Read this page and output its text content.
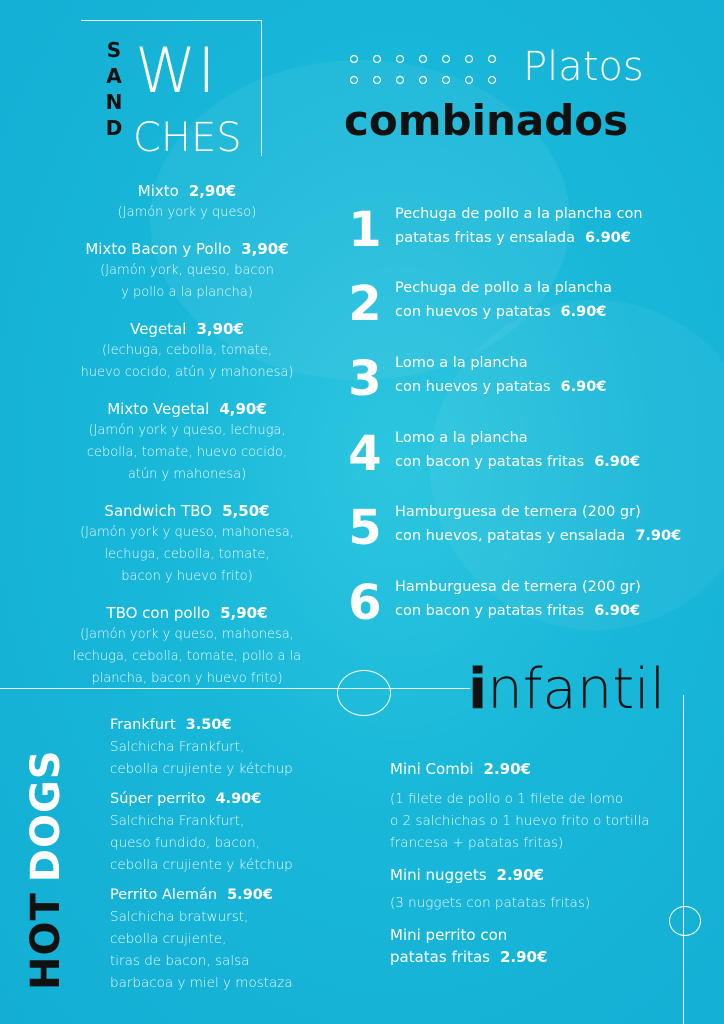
S
A
N
D
WI
CHES
Platos
combinados
Mixto 2,90€
(Jamón york y queso)
Mixto Bacon y Pollo 3,90€
(Jamón york, queso, bacon
y pollo a la plancha)
Vegetal 3,90€
(lechuga, cebolla, tomate,
huevo cocido, atún y mahonesa)
Mixto Vegetal 4,90€
(Jamón york y queso, lechuga,
cebolla, tomate, huevo cocido,
atún y mahonesa)
Sandwich TBO 5,50€
(Jamón york y queso, mahonesa,
lechuga, cebolla, tomate,
bacon y huevo frito)
TBO con pollo 5,90€
(Jamón york y queso, mahonesa,
lechuga, cebolla, tomate, pollo a la
plancha, bacon y huevo frito)
1 Pechuga de pollo a la plancha con
patatas fritas y ensalada 6.90€
2 Pechuga de pollo a la plancha
con huevos y patatas 6.90€
3 Lomo a la plancha
con huevos y patatas 6.90€
4 Lomo a la plancha
con bacon y patatas fritas 6.90€
5 Hamburguesa de ternera (200 gr)
con huevos, patatas y ensalada 7.90€
6 Hamburguesa de ternera (200 gr)
con bacon y patatas fritas 6.90€
infantil
HOTDOGS
Frankfurt 3.50€
Salchicha Frankfurt,
cebolla crujiente y kétchup
Súper perrito 4.90€
Salchicha Frankfurt,
queso fundido, bacon,
cebolla crujiente y kétchup
Perrito Alemán 5.90€
Salchicha bratwurst,
cebolla crujiente,
tiras de bacon, salsa
barbacoa y miel y mostaza
Mini Combi 2.90€
(1 filete de pollo o 1 filete de lomo
o 2 salchichas o 1 huevo frito o tortilla
francesa + patatas fritas)
Mini nuggets 2.90€
(3 nuggets con patatas fritas)
Mini perrito con
patatas fritas 2.90€
